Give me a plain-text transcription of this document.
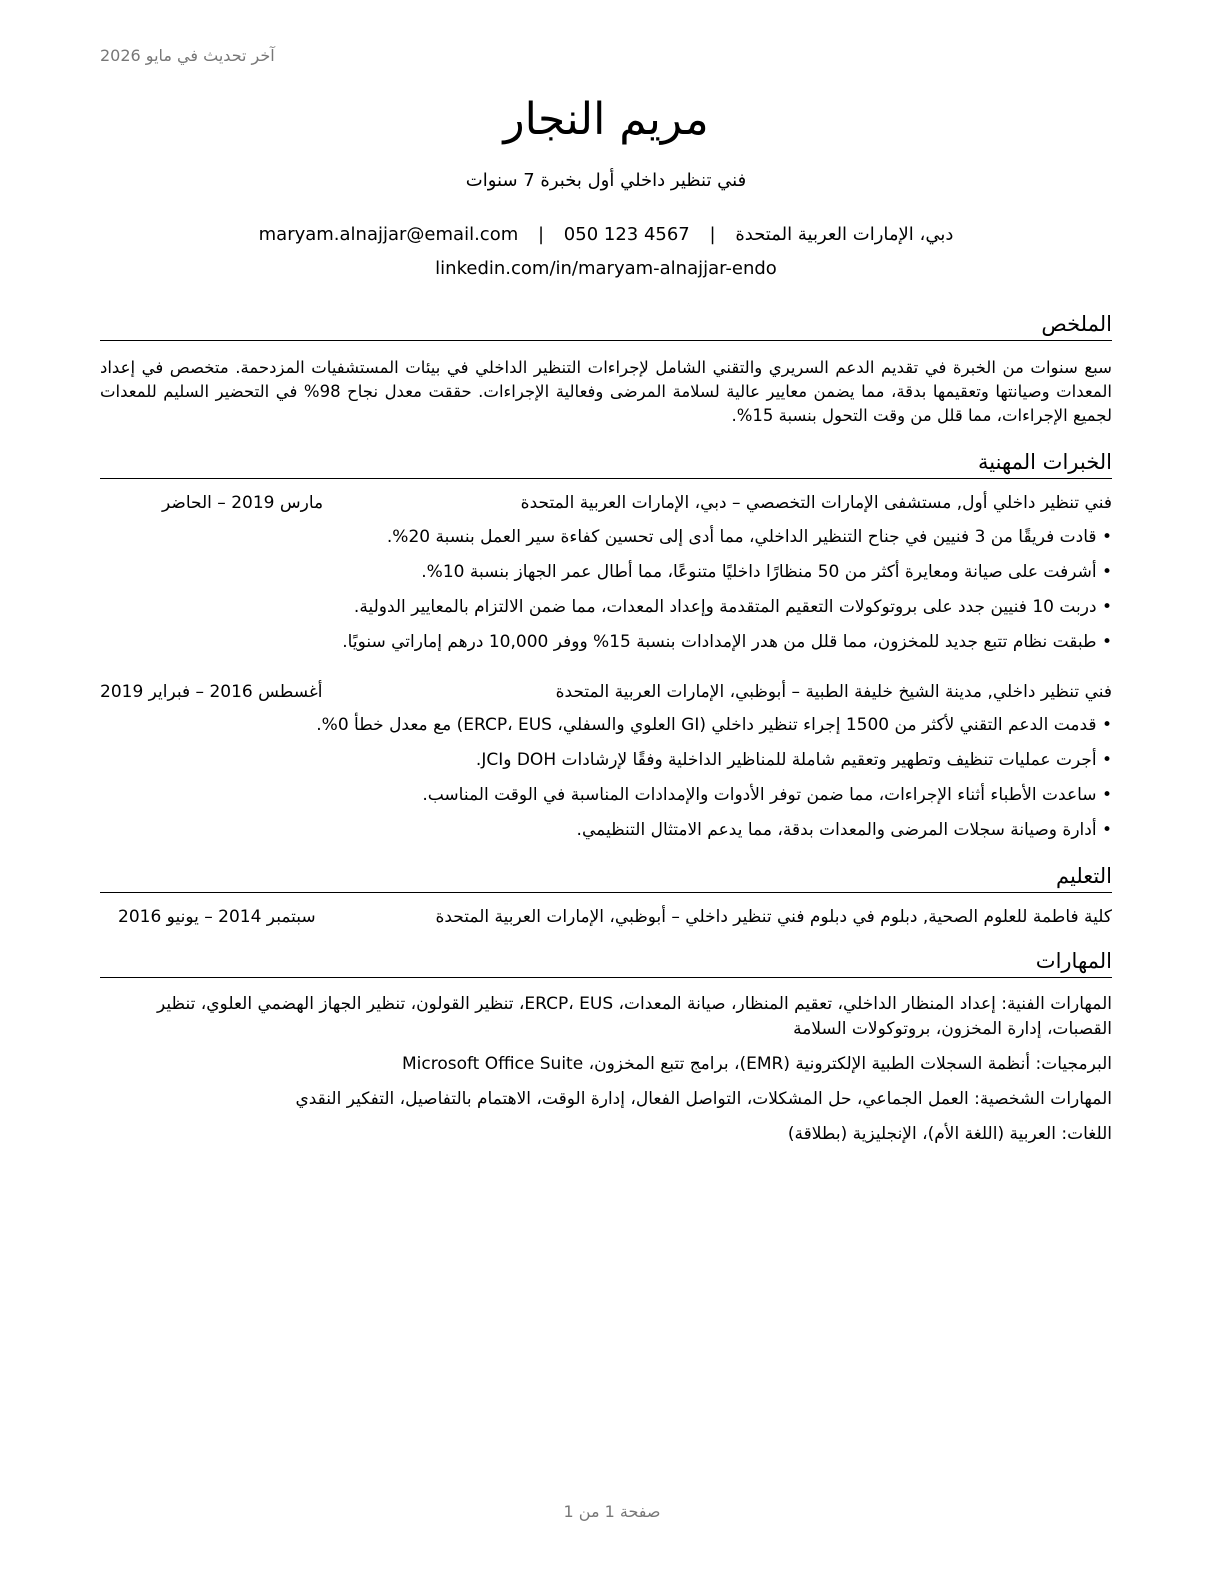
آخر تحديث في مايو 2026
مريم النجار
فني تنظير داخلي أول بخبرة 7 سنوات
دبي، الإمارات العربية المتحدة | maryam.alnajjar@email.com | 050 123 4567
linkedin.com/in/maryam-alnajjar-endo
الملخص
سبع سنوات من الخبرة في تقديم الدعم السريري والتقني الشامل لإجراءات التنظير الداخلي في بيئات المستشفيات المزدحمة. متخصص في إعداد المعدات وصيانتها وتعقيمها بدقة، مما يضمن معايير عالية لسلامة المرضى وفعالية الإجراءات. حققت معدل نجاح 98% في التحضير السليم للمعدات لجميع الإجراءات، مما قلل من وقت التحول بنسبة 15%.
الخبرات المهنية
فني تنظير داخلي أول, مستشفى الإمارات التخصصي – دبي، الإمارات العربية المتحدة
مارس 2019 – الحاضر
• قادت فريقًا من 3 فنيين في جناح التنظير الداخلي، مما أدى إلى تحسين كفاءة سير العمل بنسبة 20%.
• أشرفت على صيانة ومعايرة أكثر من 50 منظارًا داخليًا متنوعًا، مما أطال عمر الجهاز بنسبة 10%.
• دربت 10 فنيين جدد على بروتوكولات التعقيم المتقدمة وإعداد المعدات، مما ضمن الالتزام بالمعايير الدولية.
• طبقت نظام تتبع جديد للمخزون، مما قلل من هدر الإمدادات بنسبة 15% ووفر 10,000 درهم إماراتي سنويًا.
فني تنظير داخلي, مدينة الشيخ خليفة الطبية – أبوظبي، الإمارات العربية المتحدة
أغسطس 2016 – فبراير 2019
• قدمت الدعم التقني لأكثر من 1500 إجراء تنظير داخلي (GI العلوي والسفلي، ERCP، EUS) مع معدل خطأ 0%.
• أجرت عمليات تنظيف وتطهير وتعقيم شاملة للمناظير الداخلية وفقًا لإرشادات DOH وJCI.
• ساعدت الأطباء أثناء الإجراءات، مما ضمن توفر الأدوات والإمدادات المناسبة في الوقت المناسب.
• أدارة وصيانة سجلات المرضى والمعدات بدقة، مما يدعم الامتثال التنظيمي.
التعليم
كلية فاطمة للعلوم الصحية, دبلوم في دبلوم فني تنظير داخلي – أبوظبي، الإمارات العربية المتحدة
سبتمبر 2014 – يونيو 2016
المهارات
المهارات الفنية: إعداد المنظار الداخلي، تعقيم المنظار، صيانة المعدات، ERCP، EUS، تنظير القولون، تنظير الجهاز الهضمي العلوي، تنظير القصبات، إدارة المخزون، بروتوكولات السلامة
البرمجيات: أنظمة السجلات الطبية الإلكترونية (EMR)، برامج تتبع المخزون، Microsoft Office Suite
المهارات الشخصية: العمل الجماعي، حل المشكلات، التواصل الفعال، إدارة الوقت، الاهتمام بالتفاصيل، التفكير النقدي
اللغات: العربية (اللغة الأم)، الإنجليزية (بطلاقة)
صفحة 1 من 1
